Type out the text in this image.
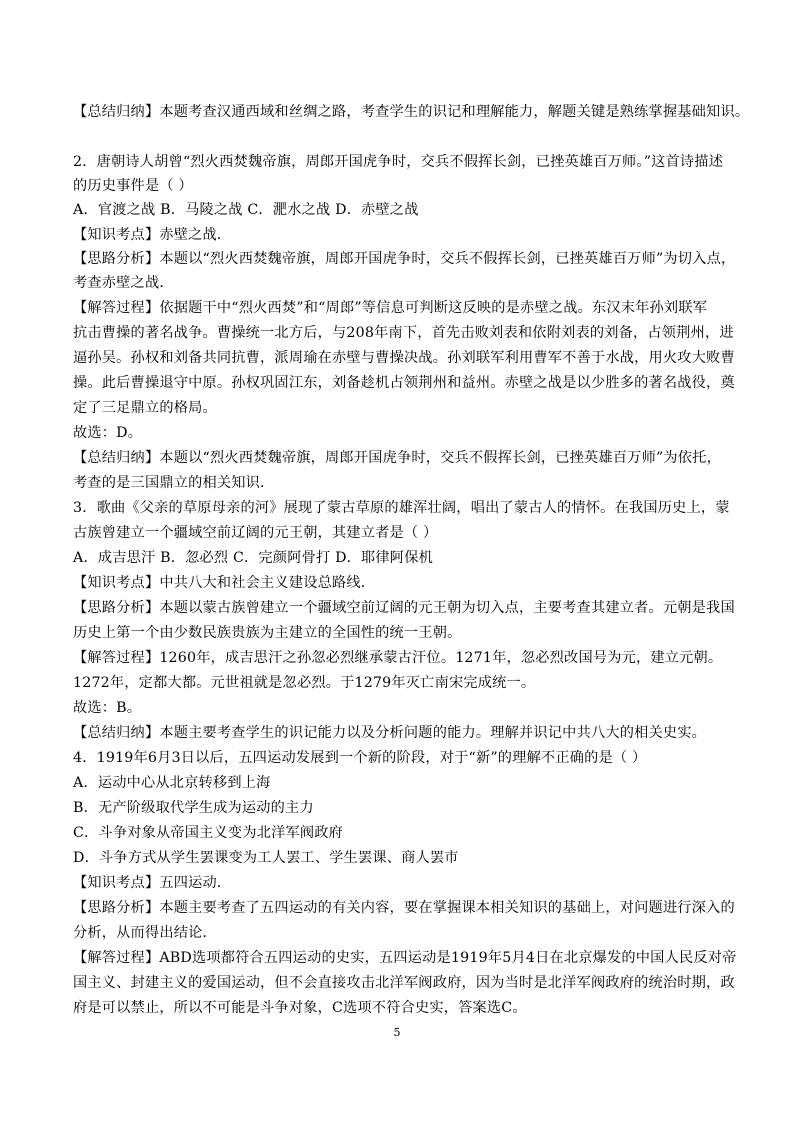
【总结归纳】本题考查汉通西域和丝绸之路，考查学生的识记和理解能力，解题关键是熟练掌握基础知识。
2．唐朝诗人胡曾“烈火西焚魏帝旗，周郎开国虎争时，交兵不假挥长剑，已挫英雄百万师。”这首诗描述
的历史事件是（ ）
A．官渡之战 B．马陵之战 C．淝水之战 D．赤壁之战
【知识考点】赤壁之战．
【思路分析】本题以“烈火西焚魏帝旗，周郎开国虎争时，交兵不假挥长剑，已挫英雄百万师”为切入点，
考查赤壁之战．
【解答过程】依据题干中“烈火西焚”和“周郎”等信息可判断这反映的是赤壁之战。东汉末年孙刘联军
抗击曹操的著名战争。曹操统一北方后，与208年南下，首先击败刘表和依附刘表的刘备，占领荆州，进
逼孙吴。孙权和刘备共同抗曹，派周瑜在赤壁与曹操决战。孙刘联军利用曹军不善于水战，用火攻大败曹
操。此后曹操退守中原。孙权巩固江东，刘备趁机占领荆州和益州。赤壁之战是以少胜多的著名战役，奠
定了三足鼎立的格局。
故选：D。
【总结归纳】本题以“烈火西焚魏帝旗，周郎开国虎争时，交兵不假挥长剑，已挫英雄百万师”为依托，
考查的是三国鼎立的相关知识．
3．歌曲《父亲的草原母亲的河》展现了蒙古草原的雄浑壮阔，唱出了蒙古人的情怀。在我国历史上，蒙
古族曾建立一个疆域空前辽阔的元王朝，其建立者是（ ）
A．成吉思汗 B．忽必烈 C．完颜阿骨打 D．耶律阿保机
【知识考点】中共八大和社会主义建设总路线．
【思路分析】本题以蒙古族曾建立一个疆域空前辽阔的元王朝为切入点，主要考查其建立者。元朝是我国
历史上第一个由少数民族贵族为主建立的全国性的统一王朝。
【解答过程】1260年，成吉思汗之孙忽必烈继承蒙古汗位。1271年，忽必烈改国号为元，建立元朝。
1272年，定都大都。元世祖就是忽必烈。于1279年灭亡南宋完成统一。
故选：B。
【总结归纳】本题主要考查学生的识记能力以及分析问题的能力。理解并识记中共八大的相关史实。
4．1919年6月3日以后，五四运动发展到一个新的阶段，对于“新”的理解不正确的是（ ）
A．运动中心从北京转移到上海
B．无产阶级取代学生成为运动的主力
C．斗争对象从帝国主义变为北洋军阀政府
D．斗争方式从学生罢课变为工人罢工、学生罢课、商人罢市
【知识考点】五四运动．
【思路分析】本题主要考查了五四运动的有关内容，要在掌握课本相关知识的基础上，对问题进行深入的
分析，从而得出结论．
【解答过程】ABD选项都符合五四运动的史实，五四运动是1919年5月4日在北京爆发的中国人民反对帝
国主义、封建主义的爱国运动，但不会直接攻击北洋军阀政府，因为当时是北洋军阀政府的统治时期，政
府是可以禁止，所以不可能是斗争对象，C选项不符合史实，答案选C。
5
